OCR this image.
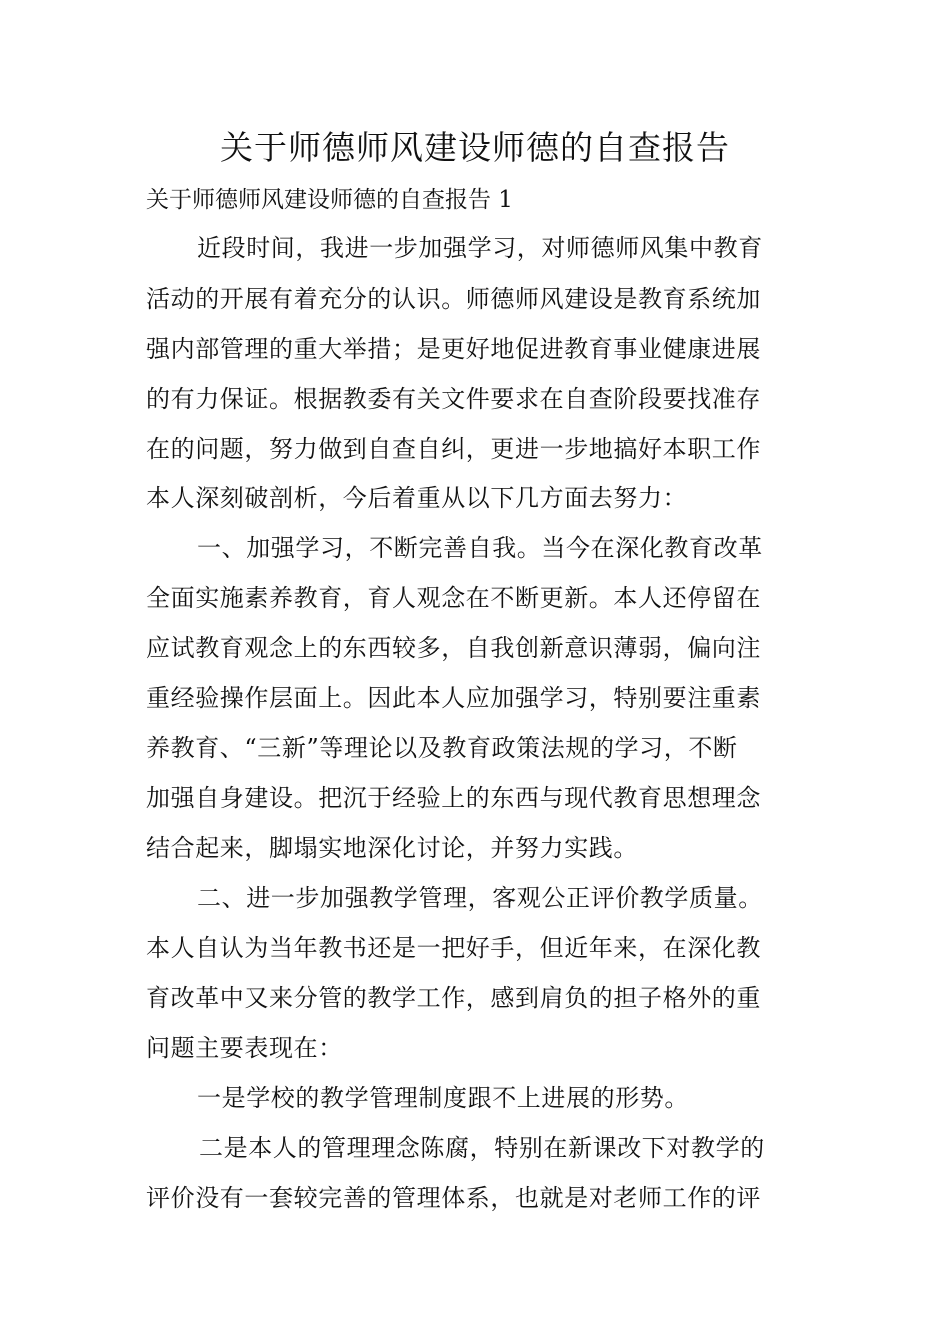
关于师德师风建设师德的自查报告

关于师德师风建设师德的自查报告 1

近段时间，我进一步加强学习，对师德师风集中教育

活动的开展有着充分的认识。师德师风建设是教育系统加

强内部管理的重大举措；是更好地促进教育事业健康进展

的有力保证。根据教委有关文件要求在自查阶段要找准存

在的问题，努力做到自查自纠，更进一步地搞好本职工作

本人深刻破剖析，今后着重从以下几方面去努力：

一、加强学习，不断完善自我。当今在深化教育改革

全面实施素养教育，育人观念在不断更新。本人还停留在

应试教育观念上的东西较多，自我创新意识薄弱，偏向注

重经验操作层面上。因此本人应加强学习，特别要注重素

养教育、“三新”等理论以及教育政策法规的学习，不断

加强自身建设。把沉于经验上的东西与现代教育思想理念

结合起来，脚塌实地深化讨论，并努力实践。

二、进一步加强教学管理，客观公正评价教学质量。

本人自认为当年教书还是一把好手，但近年来，在深化教

育改革中又来分管的教学工作，感到肩负的担子格外的重

问题主要表现在：

一是学校的教学管理制度跟不上进展的形势。

二是本人的管理理念陈腐，特别在新课改下对教学的

评价没有一套较完善的管理体系，也就是对老师工作的评
